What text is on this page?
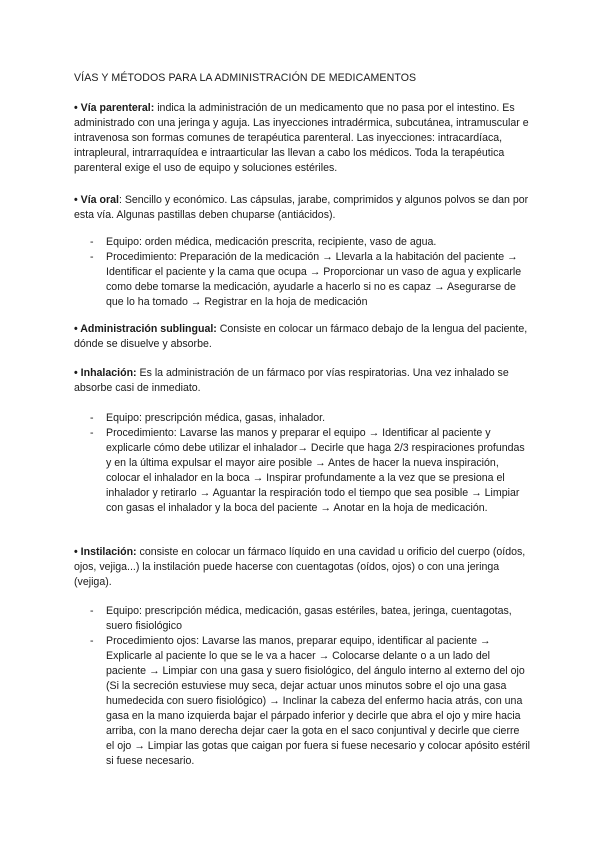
VÍAS Y MÉTODOS PARA LA ADMINISTRACIÓN DE MEDICAMENTOS

• Vía parenteral: indica la administración de un medicamento que no pasa por el intestino. Es administrado con una jeringa y aguja. Las inyecciones intradérmica, subcutánea, intramuscular e intravenosa son formas comunes de terapéutica parenteral. Las inyecciones: intracardíaca, intrapleural, intrarraquídea e intraarticular las llevan a cabo los médicos. Toda la terapéutica parenteral exige el uso de equipo y soluciones estériles.

• Vía oral: Sencillo y económico. Las cápsulas, jarabe, comprimidos y algunos polvos se dan por esta vía. Algunas pastillas deben chuparse (antiácidos).

- Equipo: orden médica, medicación prescrita, recipiente, vaso de agua.
- Procedimiento: Preparación de la medicación → Llevarla a la habitación del paciente → Identificar el paciente y la cama que ocupa → Proporcionar un vaso de agua y explicarle como debe tomarse la medicación, ayudarle a hacerlo si no es capaz → Asegurarse de que lo ha tomado → Registrar en la hoja de medicación

• Administración sublingual: Consiste en colocar un fármaco debajo de la lengua del paciente, dónde se disuelve y absorbe.

• Inhalación: Es la administración de un fármaco por vías respiratorias. Una vez inhalado se absorbe casi de inmediato.

- Equipo: prescripción médica, gasas, inhalador.
- Procedimiento: Lavarse las manos y preparar el equipo → Identificar al paciente y explicarle cómo debe utilizar el inhalador→ Decirle que haga 2/3 respiraciones profundas y en la última expulsar el mayor aire posible → Antes de hacer la nueva inspiración, colocar el inhalador en la boca → Inspirar profundamente a la vez que se presiona el inhalador y retirarlo → Aguantar la respiración todo el tiempo que sea posible → Limpiar con gasas el inhalador y la boca del paciente → Anotar en la hoja de medicación.

• Instilación: consiste en colocar un fármaco líquido en una cavidad u orificio del cuerpo (oídos, ojos, vejiga...) la instilación puede hacerse con cuentagotas (oídos, ojos) o con una jeringa (vejiga).

- Equipo: prescripción médica, medicación, gasas estériles, batea, jeringa, cuentagotas, suero fisiológico
- Procedimiento ojos: Lavarse las manos, preparar equipo, identificar al paciente → Explicarle al paciente lo que se le va a hacer → Colocarse delante o a un lado del paciente → Limpiar con una gasa y suero fisiológico, del ángulo interno al externo del ojo (Si la secreción estuviese muy seca, dejar actuar unos minutos sobre el ojo una gasa humedecida con suero fisiológico) → Inclinar la cabeza del enfermo hacia atrás, con una gasa en la mano izquierda bajar el párpado inferior y decirle que abra el ojo y mire hacia arriba, con la mano derecha dejar caer la gota en el saco conjuntival y decirle que cierre el ojo → Limpiar las gotas que caigan por fuera si fuese necesario y colocar apósito estéril si fuese necesario.
